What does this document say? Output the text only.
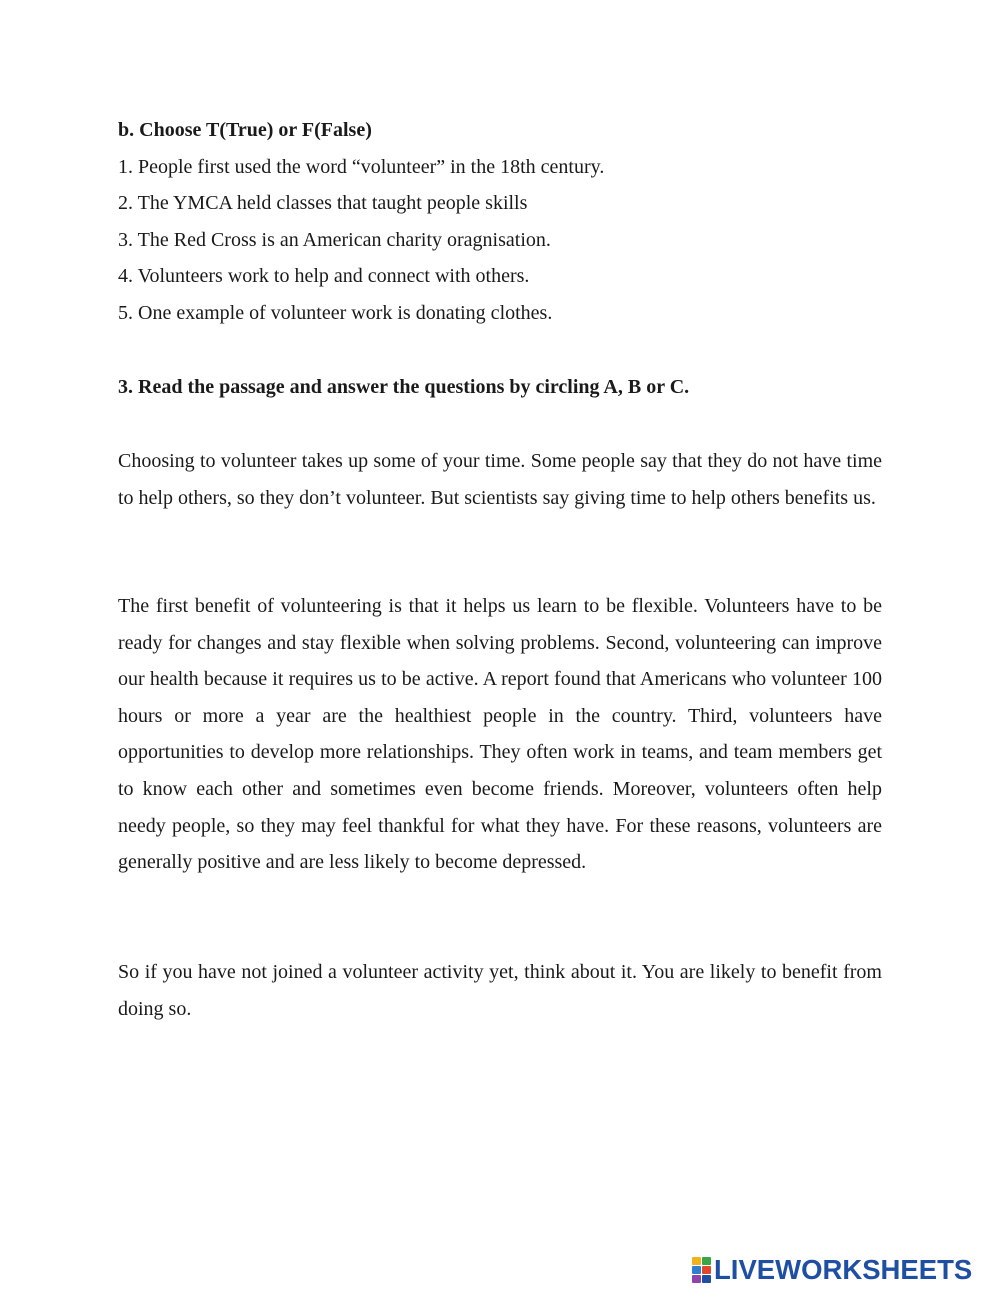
b. Choose T(True) or F(False)
1. People first used the word “volunteer” in the 18th century.
2. The YMCA held classes that taught people skills
3. The Red Cross is an American charity oragnisation.
4. Volunteers work to help and connect with others.
5. One example of volunteer work is donating clothes.
3. Read the passage and answer the questions by circling A, B or C.

Choosing to volunteer takes up some of your time. Some people say that they do not have time to help others, so they don’t volunteer. But scientists say giving time to help others benefits us.

The first benefit of volunteering is that it helps us learn to be flexible. Volunteers have to be ready for changes and stay flexible when solving problems. Second, volunteering can improve our health because it requires us to be active. A report found that Americans who volunteer 100 hours or more a year are the healthiest people in the country. Third, volunteers have opportunities to develop more relationships. They often work in teams, and team members get to know each other and sometimes even become friends. Moreover, volunteers often help needy people, so they may feel thankful for what they have. For these reasons, volunteers are generally positive and are less likely to become depressed.

So if you have not joined a volunteer activity yet, think about it. You are likely to benefit from doing so.

LIVEWORKSHEETS
